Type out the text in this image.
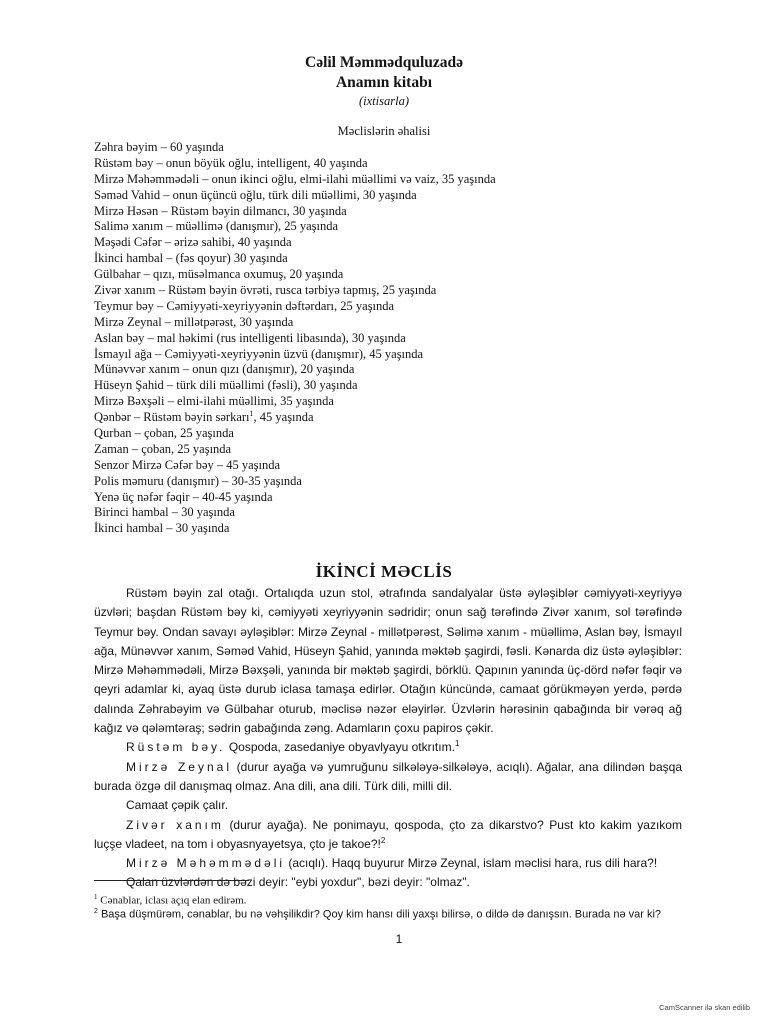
Cəlil Məmmədquluzadə
Anamın kitabı
(ixtisarla)
Məclislərin əhalisi
Zəhra bəyim – 60 yaşında
Rüstəm bəy – onun böyük oğlu, intelligent, 40 yaşında
Mirzə Məhəmmədəli – onun ikinci oğlu, elmi-ilahi müəllimi və vaiz, 35 yaşında
Səməd Vahid – onun üçüncü oğlu, türk dili müəllimi, 30 yaşında
Mirzə Həsən – Rüstəm bəyin dilmancı, 30 yaşında
Salimə xanım – müəllimə (danışmır), 25 yaşında
Məşədi Cəfər – ərizə sahibi, 40 yaşında
İkinci hambal – (fəs qoyur) 30 yaşında
Gülbahar – qızı, müsəlmanca oxumuş, 20 yaşında
Zivər xanım – Rüstəm bəyin övrəti, rusca tərbiyə tapmış, 25 yaşında
Teymur bəy – Cəmiyyəti-xeyriyyənin dəftərdarı, 25 yaşında
Mirzə Zeynal – millətpərəst, 30 yaşında
Aslan bəy – mal həkimi (rus intelligenti libasında), 30 yaşında
İsmayıl ağa – Cəmiyyəti-xeyriyyənin üzvü (danışmır), 45 yaşında
Münəvvər xanım – onun qızı (danışmır), 20 yaşında
Hüseyn Şahid – türk dili müəllimi (fəsli), 30 yaşında
Mirzə Bəxşəli – elmi-ilahi müəllimi, 35 yaşında
Qənbər – Rüstəm bəyin sərkarı$^1$, 45 yaşında
Qurban – çoban, 25 yaşında
Zaman – çoban, 25 yaşında
Senzor Mirzə Cəfər bəy – 45 yaşında
Polis məmuru (danışmır) – 30-35 yaşında
Yenə üç nəfər fəqir – 40-45 yaşında
Birinci hambal – 30 yaşında
İkinci hambal – 30 yaşında
İKİNCİ MƏCLİS

Rüstəm bəyin zal otağı. Ortalıqda uzun stol, ətrafında sandalyalar üstə əyləşiblər cəmiyyəti-xeyriyyə üzvləri; başdan Rüstəm bəy ki, cəmiyyəti xeyriyyənin sədridir; onun sağ tərəfində Zivər xanım, sol tərəfində Teymur bəy. Ondan savayı əyləşiblər: Mirzə Zeynal - millətpərəst, Səlimə xanım - müəllimə, Aslan bəy, İsmayıl ağa, Münəvvər xanım, Səməd Vahid, Hüseyn Şahid, yanında məktəb şagirdi, fəsli. Kənarda diz üstə əyləşiblər: Mirzə Məhəmmədəli, Mirzə Bəxşəli, yanında bir məktəb şagirdi, börklü. Qapının yanında üç-dörd nəfər fəqir və qeyri adamlar ki, ayaq üstə durub iclasa tamaşa edirlər. Otağın küncündə, camaat görükməyən yerdə, pərdə dalında Zəhrabəyim və Gülbahar oturub, məclisə nəzər eləyirlər. Üzvlərin hərəsinin qabağında bir vərəq ağ kağız və qələmtəraş; sədrin gabağında zəng. Adamların çoxu papiros çəkir.

Rüstəm bəy. Qospoda, zasedaniye obyavlyayu otkrıtım.$^1$

Mirzə Zeynal (durur ayağa və yumruğunu silkələyə-silkələyə, acıqlı). Ağalar, ana dilindən başqa burada özgə dil danışmaq olmaz. Ana dili, ana dili. Türk dili, milli dil.

Camaat çəpik çalır.

Zivər xanım (durur ayağa). Ne ponimayu, qospoda, çto za dikarstvo? Pust kto kakim yazıkom luçşe vladeet, na tom i obyasnyayetsya, çto je takoe?!$^2$

Mirzə Məhəmmədəli (acıqlı). Haqq buyurur Mirzə Zeynal, islam məclisi hara, rus dili hara?!

Qalan üzvlərdən də bəzi deyir: "eybi yoxdur", bəzi deyir: "olmaz".

$^1$ Cənablar, iclası açıq elan edirəm.
$^2$ Başa düşmürəm, cənablar, bu nə vəhşilikdir? Qoy kim hansı dili yaxşı bilirsə, o dildə də danışsın. Burada nə var ki?
1
CamScanner ilə skan edilib
